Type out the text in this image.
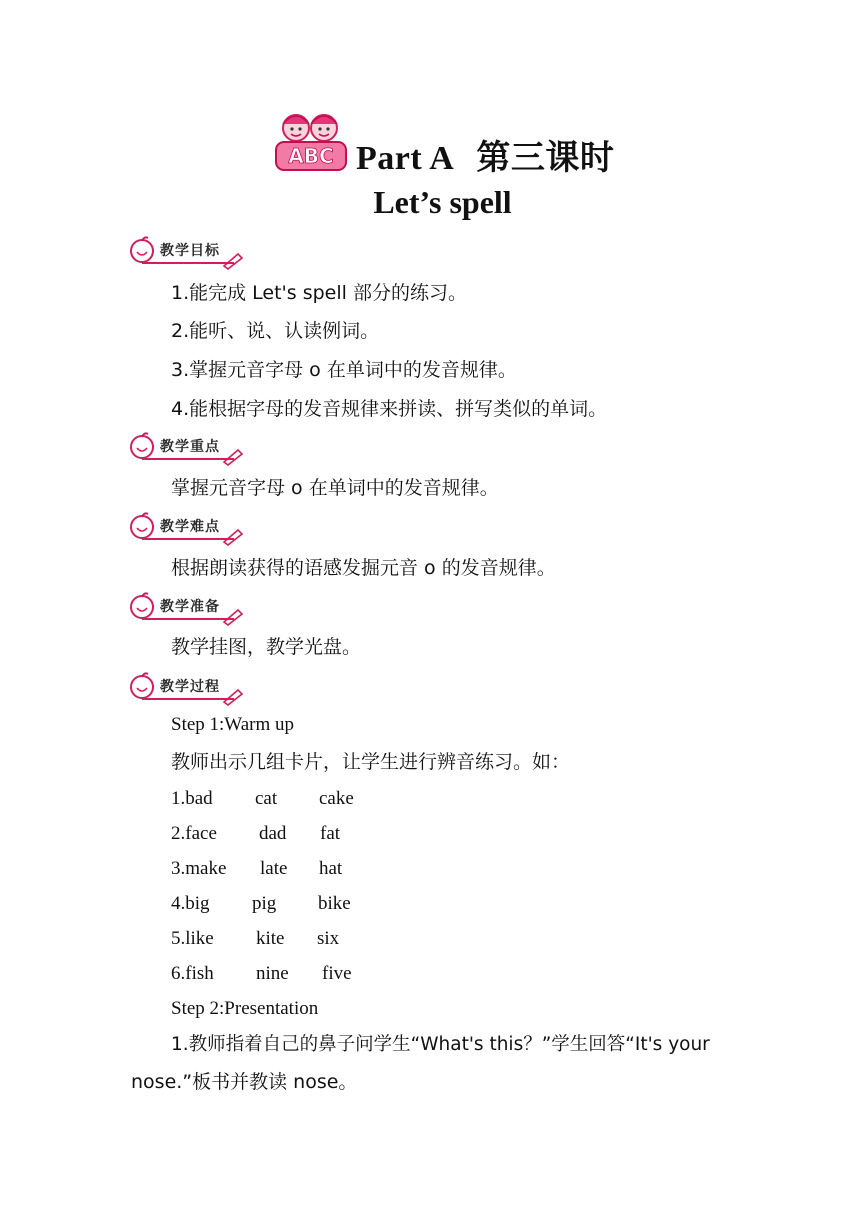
ABC Part A 第三课时
Let’s spell
教学目标
1.能完成 Let's spell 部分的练习。
2.能听、说、认读例词。
3.掌握元音字母 o 在单词中的发音规律。
4.能根据字母的发音规律来拼读、拼写类似的单词。
教学重点
掌握元音字母 o 在单词中的发音规律。
教学难点
根据朗读获得的语感发掘元音 o 的发音规律。
教学准备
教学挂图，教学光盘。
教学过程
Step 1:Warm up
教师出示几组卡片，让学生进行辨音练习。如：
1.bad cat cake
2.face dad fat
3.make late hat
4.big pig bike
5.like kite six
6.fish nine five
Step 2:Presentation
1.教师指着自己的鼻子问学生“What's this？”学生回答“It's your
nose.”板书并教读 nose。
